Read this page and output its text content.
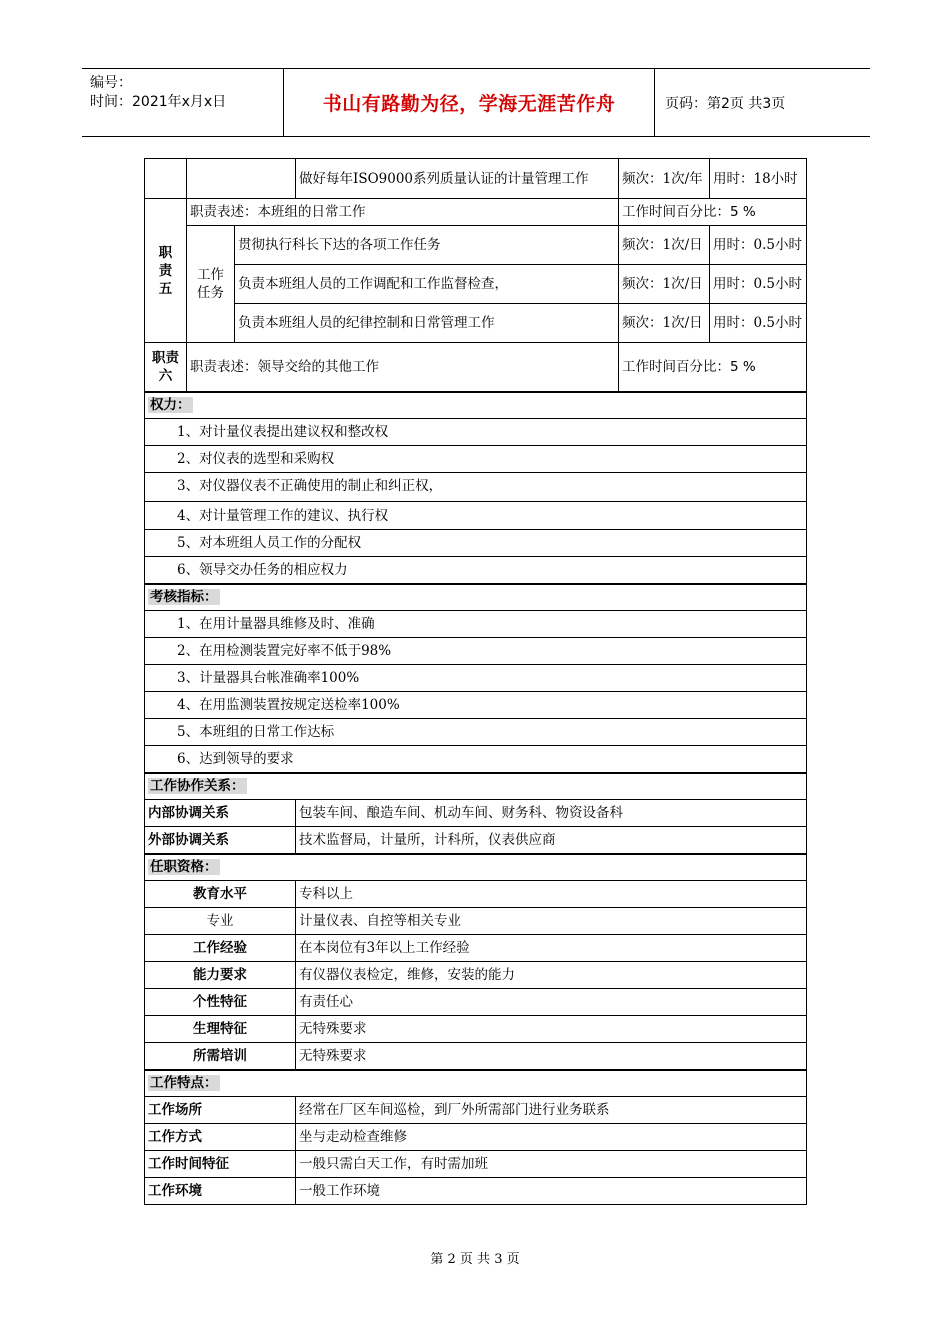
编号：
时间：2021年x月x日	书山有路勤为径，学海无涯苦作舟	页码：第2页 共3页
			做好每年ISO9000系列质量认证的计量管理工作	频次：1次/年	用时：18小时

职责五	职责表述：本班组的日常工作			工作时间百分比：5 %	

	工作任务	贯彻执行科长下达的各项工作任务		频次：1次/日	用时：0.5小时
		负责本班组人员的工作调配和工作监督检查，		频次：1次/日	用时：0.5小时
		负责本班组人员的纪律控制和日常管理工作		频次：1次/日	用时：0.5小时

职责六	职责表述：领导交给的其他工作			工作时间百分比：5 %	
权力：					
1、对计量仪表提出建议权和整改权					
2、对仪表的选型和采购权					
3、对仪器仪表不正确使用的制止和纠正权，					
4、对计量管理工作的建议、执行权					
5、对本班组人员工作的分配权					
6、领导交办任务的相应权力					
考核指标：					
1、在用计量器具维修及时、准确					
2、在用检测装置完好率不低于98%					
3、计量器具台帐准确率100%					
4、在用监测装置按规定送检率100%					
5、本班组的日常工作达标					
6、达到领导的要求					
工作协作关系：					
内部协调关系			包装车间、酿造车间、机动车间、财务科、物资设备科		
外部协调关系			技术监督局，计量所，计科所，仪表供应商		
任职资格：					
教育水平			专科以上		
专业			计量仪表、自控等相关专业		
工作经验			在本岗位有3年以上工作经验		
能力要求			有仪器仪表检定，维修，安装的能力		
个性特征			有责任心		
生理特征			无特殊要求		
所需培训			无特殊要求		
工作特点：					
工作场所			经常在厂区车间巡检，到厂外所需部门进行业务联系		
工作方式			坐与走动检查维修		
工作时间特征			一般只需白天工作，有时需加班		
工作环境			一般工作环境		
第 2 页 共 3 页
